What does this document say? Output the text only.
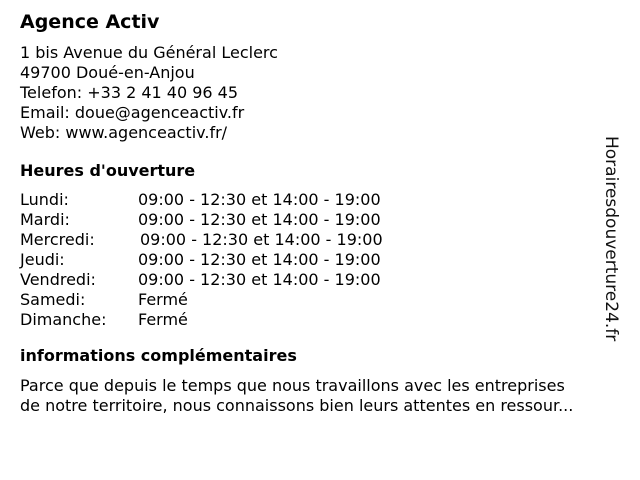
Agence Activ
1 bis Avenue du Général Leclerc
49700 Doué-en-Anjou
Telefon: +33 2 41 40 96 45
Email: doue@agenceactiv.fr
Web: www.agenceactiv.fr/
Heures d'ouverture
Lundi:	09:00 - 12:30 et 14:00 - 19:00
Mardi:	09:00 - 12:30 et 14:00 - 19:00
Mercredi:	09:00 - 12:30 et 14:00 - 19:00
Jeudi:	09:00 - 12:30 et 14:00 - 19:00
Vendredi:	09:00 - 12:30 et 14:00 - 19:00
Samedi:	Fermé
Dimanche:	Fermé
informations complémentaires
Parce que depuis le temps que nous travaillons avec les entreprises
de notre territoire, nous connaissons bien leurs attentes en ressour...
Horairesdouverture24.fr
